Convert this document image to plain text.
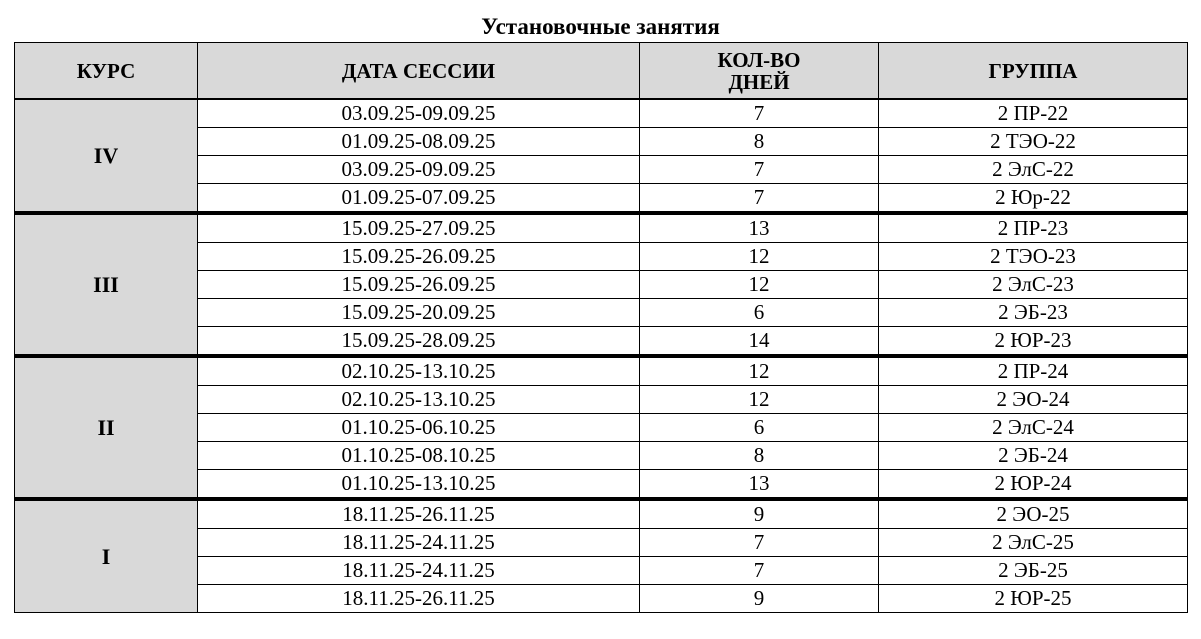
Установочные занятия
КУРС	ДАТА СЕССИИ	КОЛ-ВО ДНЕЙ	ГРУППА
IV	03.09.25-09.09.25	7	2 ПР-22
	01.09.25-08.09.25	8	2 ТЭО-22
	03.09.25-09.09.25	7	2 ЭлС-22
	01.09.25-07.09.25	7	2 Юр-22
III	15.09.25-27.09.25	13	2 ПР-23
	15.09.25-26.09.25	12	2 ТЭО-23
	15.09.25-26.09.25	12	2 ЭлС-23
	15.09.25-20.09.25	6	2 ЭБ-23
	15.09.25-28.09.25	14	2 ЮР-23
II	02.10.25-13.10.25	12	2 ПР-24
	02.10.25-13.10.25	12	2 ЭО-24
	01.10.25-06.10.25	6	2 ЭлС-24
	01.10.25-08.10.25	8	2 ЭБ-24
	01.10.25-13.10.25	13	2 ЮР-24
I	18.11.25-26.11.25	9	2 ЭО-25
	18.11.25-24.11.25	7	2 ЭлС-25
	18.11.25-24.11.25	7	2 ЭБ-25
	18.11.25-26.11.25	9	2 ЮР-25
